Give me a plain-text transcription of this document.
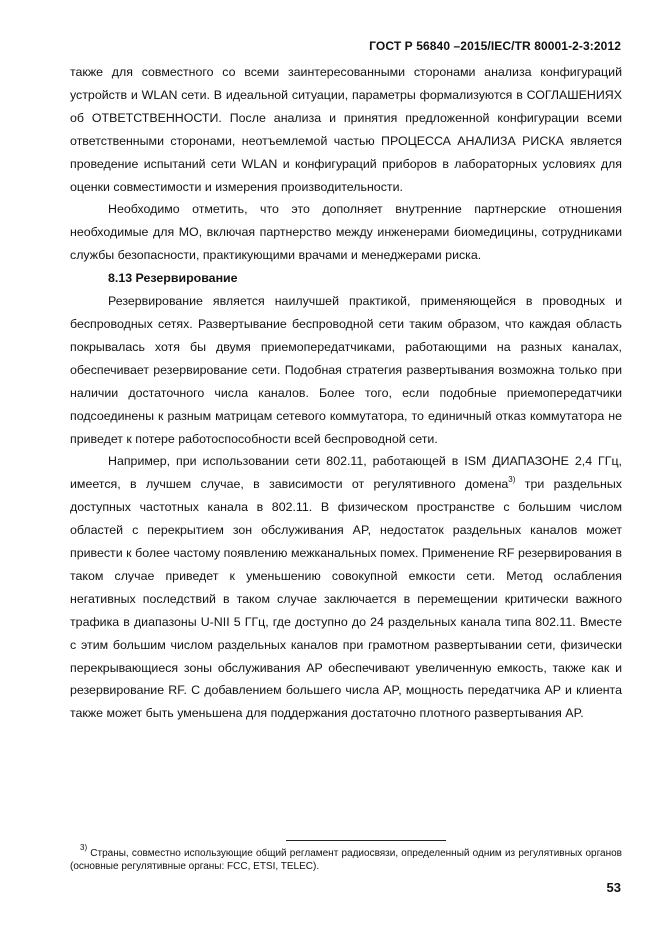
ГОСТ Р 56840 –2015/IEC/TR 80001-2-3:2012

также для совместного со всеми заинтересованными сторонами анализа конфигураций устройств и WLAN сети. В идеальной ситуации, параметры формализуются в СОГЛАШЕНИЯХ об ОТВЕТСТВЕННОСТИ. После анализа и принятия предложенной конфигурации всеми ответственными сторонами, неотъемлемой частью ПРОЦЕССА АНАЛИЗА РИСКА является проведение испытаний сети WLAN и конфигураций приборов в лабораторных условиях для оценки совместимости и измерения производительности.

Необходимо отметить, что это дополняет внутренние партнерские отношения необходимые для МО, включая партнерство между инженерами биомедицины, сотрудниками службы безопасности, практикующими врачами и менеджерами риска.

8.13 Резервирование

Резервирование является наилучшей практикой, применяющейся в проводных и беспроводных сетях. Развертывание беспроводной сети таким образом, что каждая область покрывалась хотя бы двумя приемопередатчиками, работающими на разных каналах, обеспечивает резервирование сети. Подобная стратегия развертывания возможна только при наличии достаточного числа каналов. Более того, если подобные приемопередатчики подсоединены к разным матрицам сетевого коммутатора, то единичный отказ коммутатора не приведет к потере работоспособности всей беспроводной сети.

Например, при использовании сети 802.11, работающей в ISM ДИАПАЗОНЕ 2,4 ГГц, имеется, в лучшем случае, в зависимости от регулятивного домена$^{3)}$ три раздельных доступных частотных канала в 802.11. В физическом пространстве с большим числом областей с перекрытием зон обслуживания AP, недостаток раздельных каналов может привести к более частому появлению межканальных помех. Применение RF резервирования в таком случае приведет к уменьшению совокупной емкости сети. Метод ослабления негативных последствий в таком случае заключается в перемещении критически важного трафика в диапазоны U-NII 5 ГГц, где доступно до 24 раздельных канала типа 802.11. Вместе с этим большим числом раздельных каналов при грамотном развертывании сети, физически перекрывающиеся зоны обслуживания AP обеспечивают увеличенную емкость, также как и резервирование RF. С добавлением большего числа AP, мощность передатчика AP и клиента также может быть уменьшена для поддержания достаточно плотного развертывания AP.

$^{3)}$ Страны, совместно использующие общий регламент радиосвязи, определенный одним из регулятивных органов (основные регулятивные органы: FCC, ETSI, TELEC).

53
